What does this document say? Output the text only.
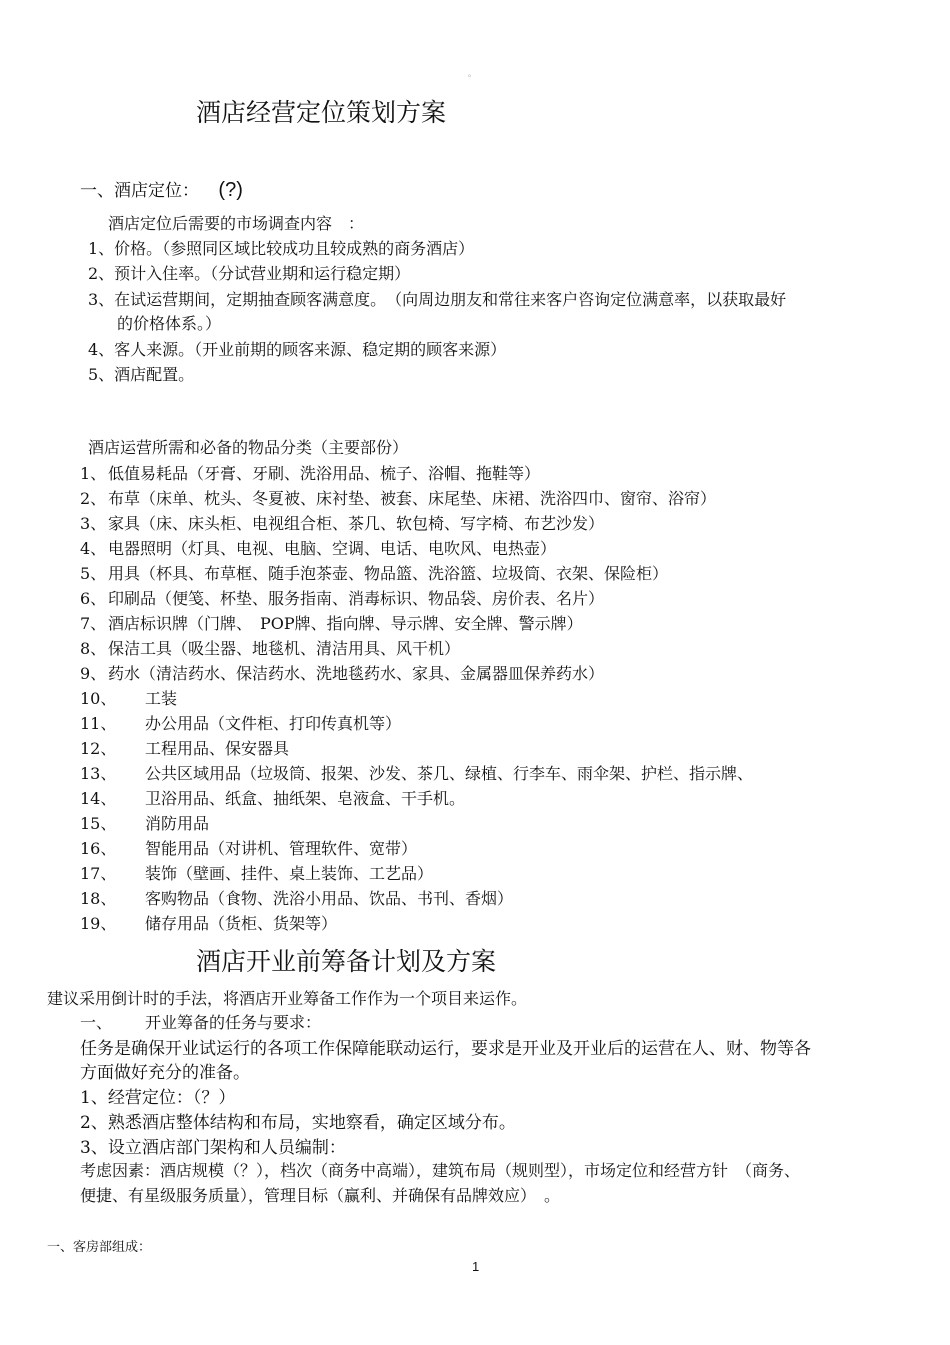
。
酒店经营定位策划方案
一、酒店定位： (?)
酒店定位后需要的市场调查内容　：
1、价格。（参照同区域比较成功且较成熟的商务酒店）
2、预计入住率。（分试营业期和运行稳定期）
3、在试运营期间，定期抽查顾客满意度。　（向周边朋友和常往来客户咨询定位满意率，以获取最好
的价格体系。）
4、客人来源。（开业前期的顾客来源、稳定期的顾客来源）
5、酒店配置。
酒店运营所需和必备的物品分类（主要部份）
1、 低值易耗品（牙膏、牙刷、洗浴用品、梳子、浴帽、拖鞋等）
2、 布草（床单、枕头、冬夏被、床衬垫、被套、床尾垫、床裙、洗浴四巾、窗帘、浴帘）
3、 家具（床、床头柜、电视组合柜、茶几、软包椅、写字椅、布艺沙发）
4、 电器照明（灯具、电视、电脑、空调、电话、电吹风、电热壶）
5、 用具（杯具、布草框、随手泡茶壶、物品篮、洗浴篮、垃圾筒、衣架、保险柜）
6、 印刷品（便笺、杯垫、服务指南、消毒标识、物品袋、房价表、名片）
7、 酒店标识牌（门牌、　POP牌、指向牌、导示牌、安全牌、警示牌）
8、 保洁工具（吸尘器、地毯机、清洁用具、风干机）
9、 药水（清洁药水、保洁药水、洗地毯药水、家具、金属器皿保养药水）
10、 工装
11、 办公用品（文件柜、打印传真机等）
12、 工程用品、保安器具
13、 公共区域用品（垃圾筒、报架、沙发、茶几、绿植、行李车、雨伞架、护栏、指示牌、
14、 卫浴用品、纸盒、抽纸架、皂液盒、干手机。
15、 消防用品
16、 智能用品（对讲机、管理软件、宽带）
17、 装饰（壁画、挂件、桌上装饰、工艺品）
18、 客购物品（食物、洗浴小用品、饮品、书刊、香烟）
19、 储存用品（货柜、货架等）
酒店开业前筹备计划及方案
建议采用倒计时的手法，将酒店开业筹备工作作为一个项目来运作。
一、 开业筹备的任务与要求：
任务是确保开业试运行的各项工作保障能联动运行，要求是开业及开业后的运营在人、财、物等各
方面做好充分的准备。
1、经营定位：（？）
2、熟悉酒店整体结构和布局，实地察看，确定区域分布。
3、设立酒店部门架构和人员编制：
考虑因素：酒店规模（？），档次（商务中高端），建筑布局（规则型），市场定位和经营方针　（商务、
便捷、有星级服务质量），管理目标（赢利、并确保有品牌效应）　。
一、客房部组成：
1
